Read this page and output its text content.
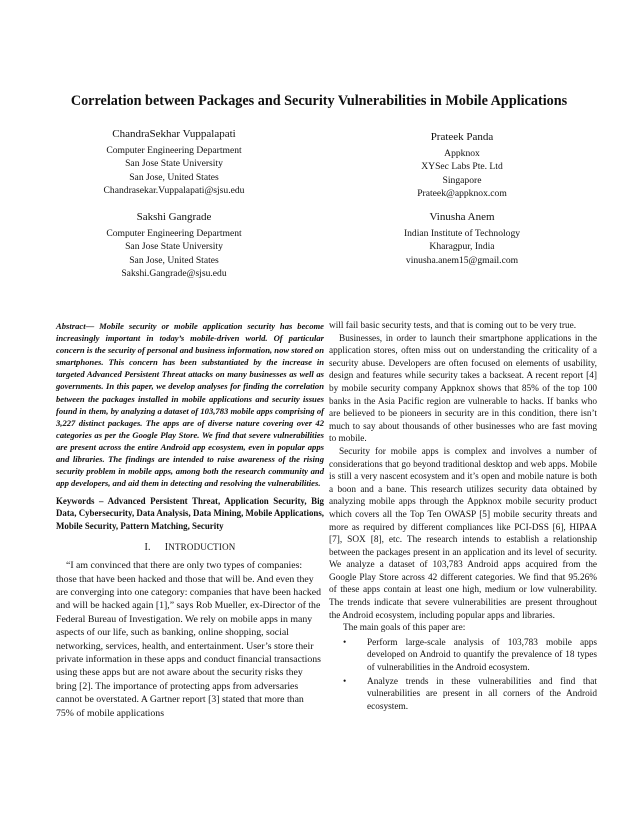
Correlation between Packages and Security Vulnerabilities in Mobile Applications
ChandraSekhar Vuppalapati
Computer Engineering Department
San Jose State University
San Jose, United States
Chandrasekar.Vuppalapati@sjsu.edu
Prateek Panda
Appknox
XYSec Labs Pte. Ltd
Singapore
Prateek@appknox.com
Sakshi Gangrade
Computer Engineering Department
San Jose State University
San Jose, United States
Sakshi.Gangrade@sjsu.edu
Vinusha Anem
Indian Institute of Technology
Kharagpur, India
vinusha.anem15@gmail.com

Abstract— Mobile security or mobile application security has become increasingly important in today’s mobile-driven world. Of particular concern is the security of personal and business information, now stored on smartphones. This concern has been substantiated by the increase in targeted Advanced Persistent Threat attacks on many businesses as well as governments. In this paper, we develop analyses for finding the correlation between the packages installed in mobile applications and security issues found in them, by analyzing a dataset of 103,783 mobile apps comprising of 3,227 distinct packages. The apps are of diverse nature covering over 42 categories as per the Google Play Store. We find that severe vulnerabilities are present across the entire Android app ecosystem, even in popular apps and libraries. The findings are intended to raise awareness of the rising security problem in mobile apps, among both the research community and app developers, and aid them in detecting and resolving the vulnerabilities.

Keywords – Advanced Persistent Threat, Application Security, Big Data, Cybersecurity, Data Analysis, Data Mining, Mobile Applications, Mobile Security, Pattern Matching, Security

I. INTRODUCTION

“I am convinced that there are only two types of companies: those that have been hacked and those that will be. And even they are converging into one category: companies that have been hacked and will be hacked again [1],” says Rob Mueller, ex-Director of the Federal Bureau of Investigation. We rely on mobile apps in many aspects of our life, such as banking, online shopping, social networking, services, health, and entertainment. User’s store their private information in these apps and conduct financial transactions using these apps but are not aware about the security risks they bring [2]. The importance of protecting apps from adversaries cannot be overstated. A Gartner report [3] stated that more than 75% of mobile applications

will fail basic security tests, and that is coming out to be very true.

Businesses, in order to launch their smartphone applications in the application stores, often miss out on understanding the criticality of a security abuse. Developers are often focused on elements of usability, design and features while security takes a backseat. A recent report [4] by mobile security company Appknox shows that 85% of the top 100 banks in the Asia Pacific region are vulnerable to hacks. If banks who are believed to be pioneers in security are in this condition, there isn’t much to say about thousands of other businesses who are fast moving to mobile.

Security for mobile apps is complex and involves a number of considerations that go beyond traditional desktop and web apps. Mobile is still a very nascent ecosystem and it’s open and mobile nature is both a boon and a bane. This research utilizes security data obtained by analyzing mobile apps through the Appknox mobile security product which covers all the Top Ten OWASP [5] mobile security threats and more as required by different compliances like PCI-DSS [6], HIPAA [7], SOX [8], etc. The research intends to establish a relationship between the packages present in an application and its level of security. We analyze a dataset of 103,783 Android apps acquired from the Google Play Store across 42 different categories. We find that 95.26% of these apps contain at least one high, medium or low vulnerability. The trends indicate that severe vulnerabilities are present throughout the Android ecosystem, including popular apps and libraries.

The main goals of this paper are:

• Perform large-scale analysis of 103,783 mobile apps developed on Android to quantify the prevalence of 18 types of vulnerabilities in the Android ecosystem.
• Analyze trends in these vulnerabilities and find that vulnerabilities are present in all corners of the Android ecosystem.
